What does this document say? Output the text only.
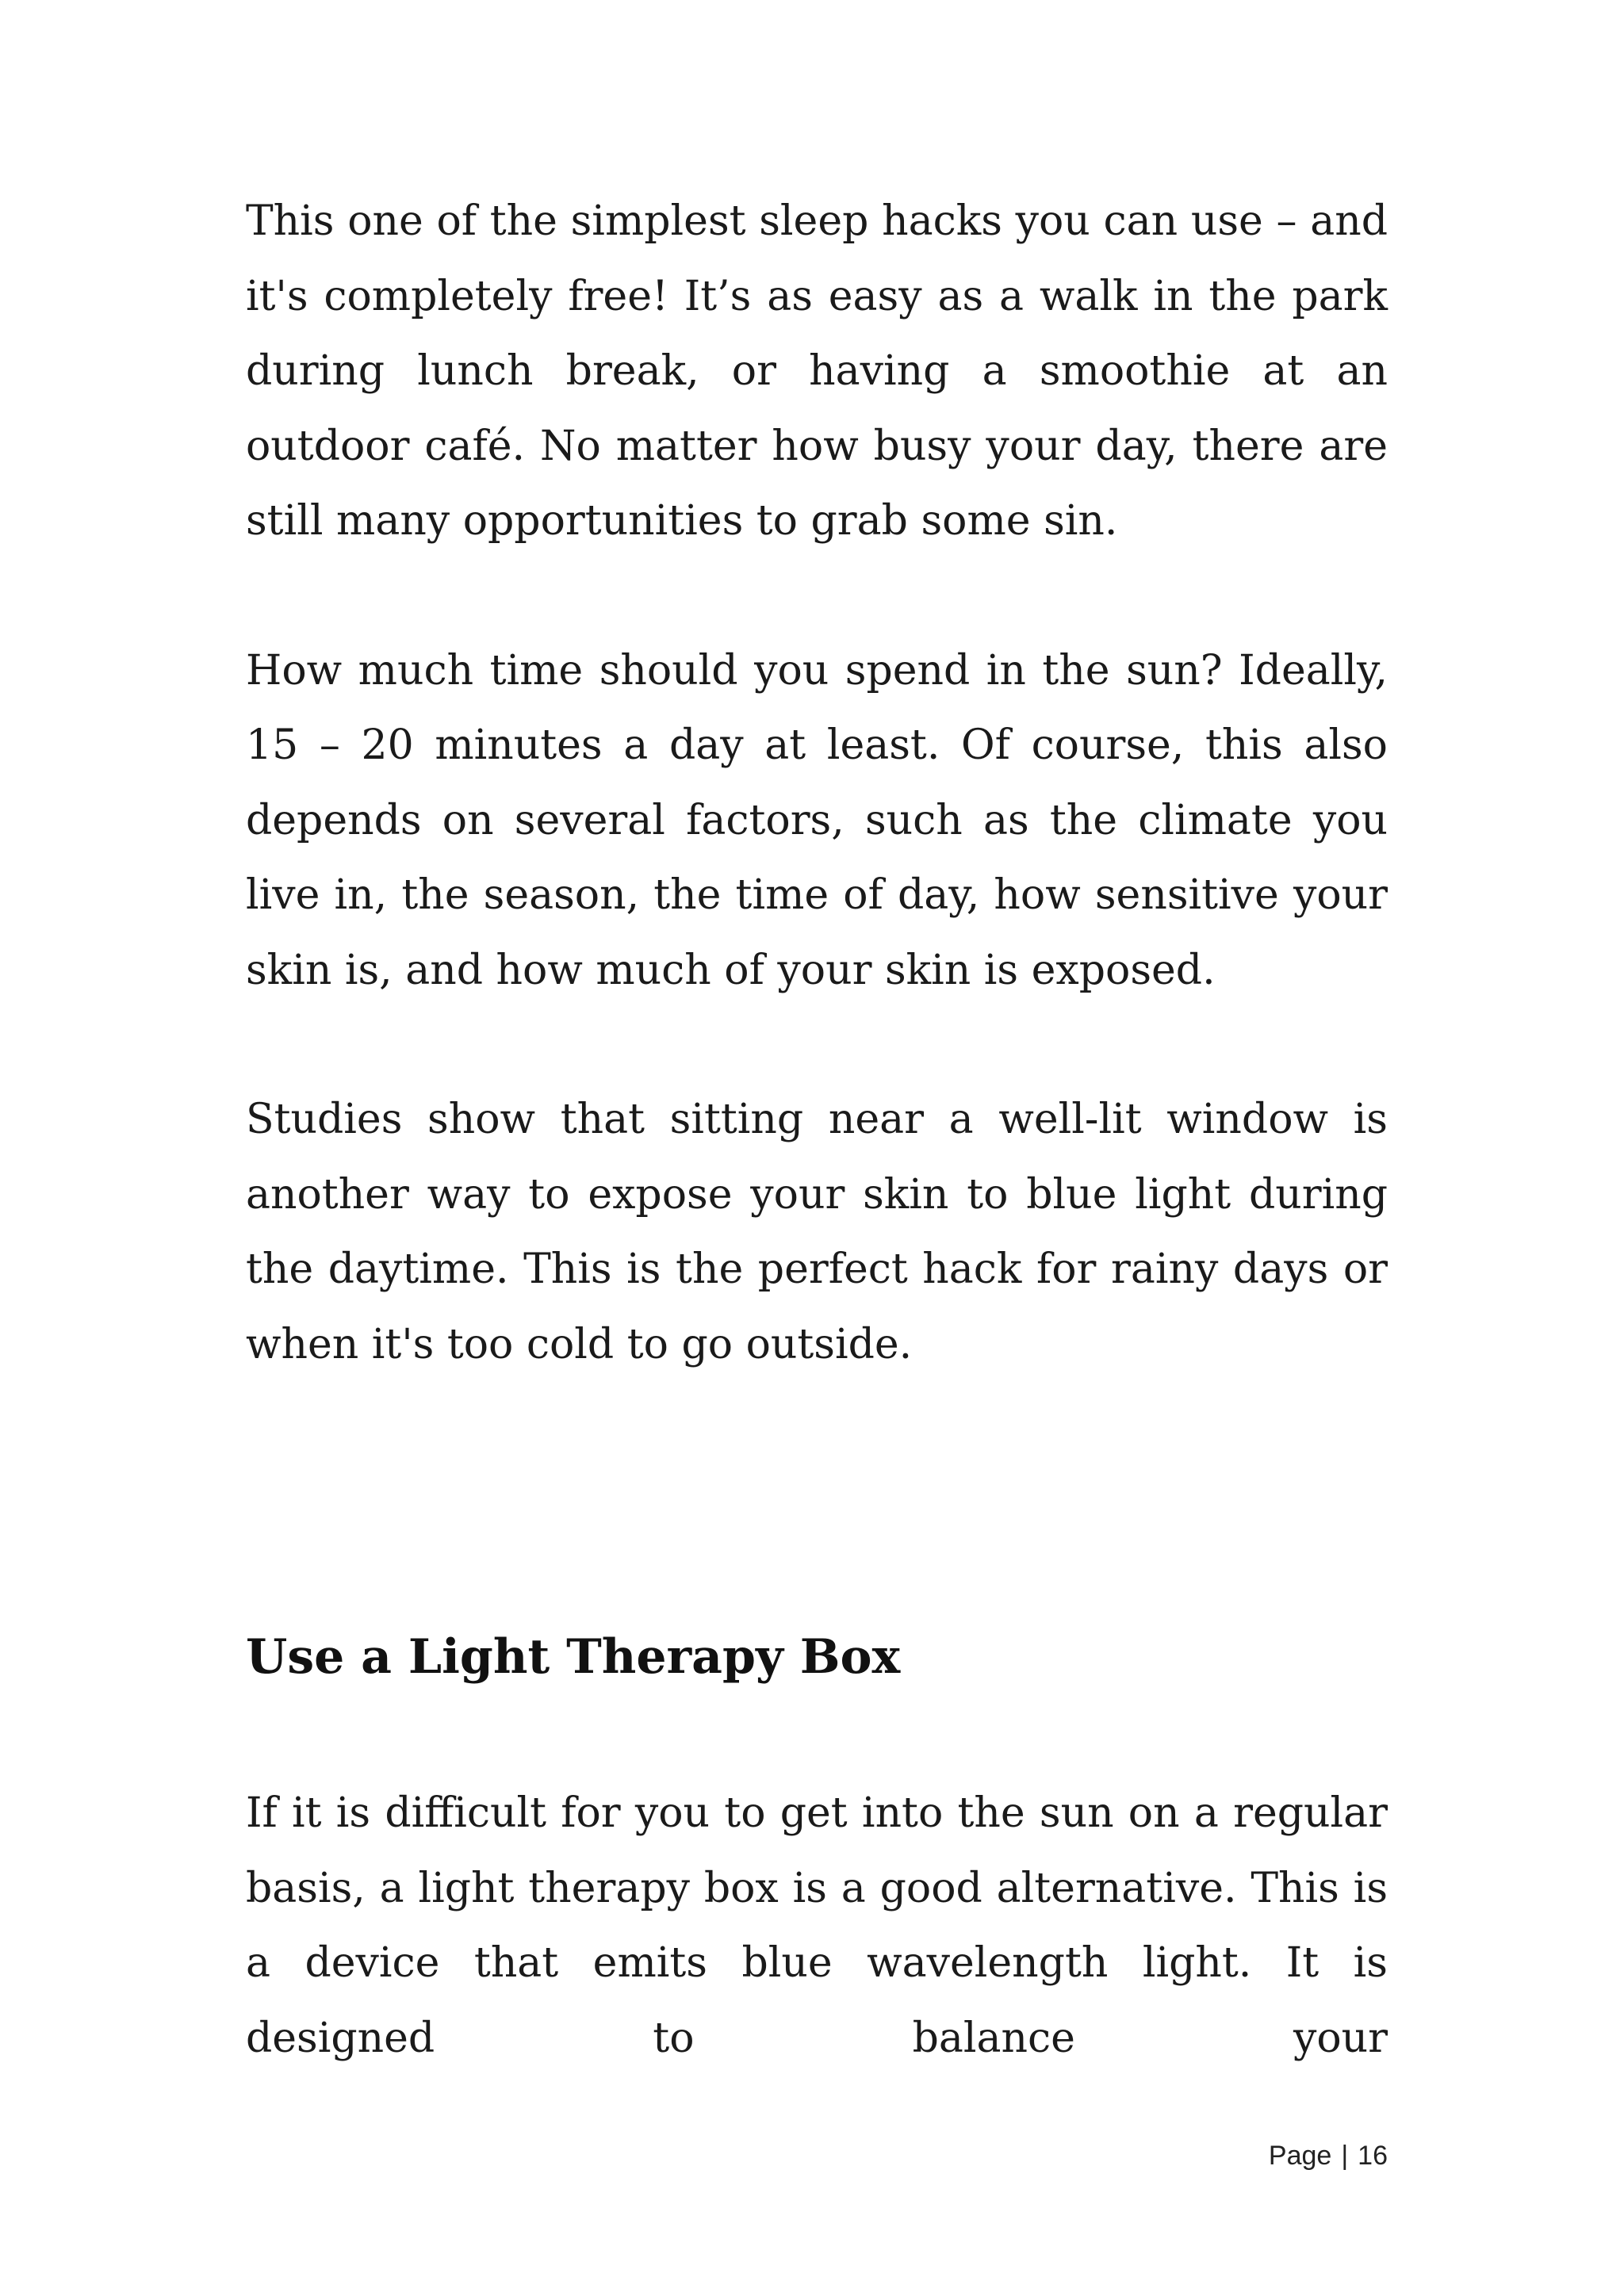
This one of the simplest sleep hacks you can use – and it's completely free! It’s as easy as a walk in the park during lunch break, or having a smoothie at an outdoor café. No matter how busy your day, there are still many opportunities to grab some sin.

How much time should you spend in the sun? Ideally, 15 – 20 minutes a day at least. Of course, this also depends on several factors, such as the climate you live in, the season, the time of day, how sensitive your skin is, and how much of your skin is exposed.

Studies show that sitting near a well-lit window is another way to expose your skin to blue light during the daytime. This is the perfect hack for rainy days or when it's too cold to go outside.

Use a Light Therapy Box

If it is difficult for you to get into the sun on a regular basis, a light therapy box is a good alternative. This is a device that emits blue wavelength light. It is designed to balance your

Page | 16
